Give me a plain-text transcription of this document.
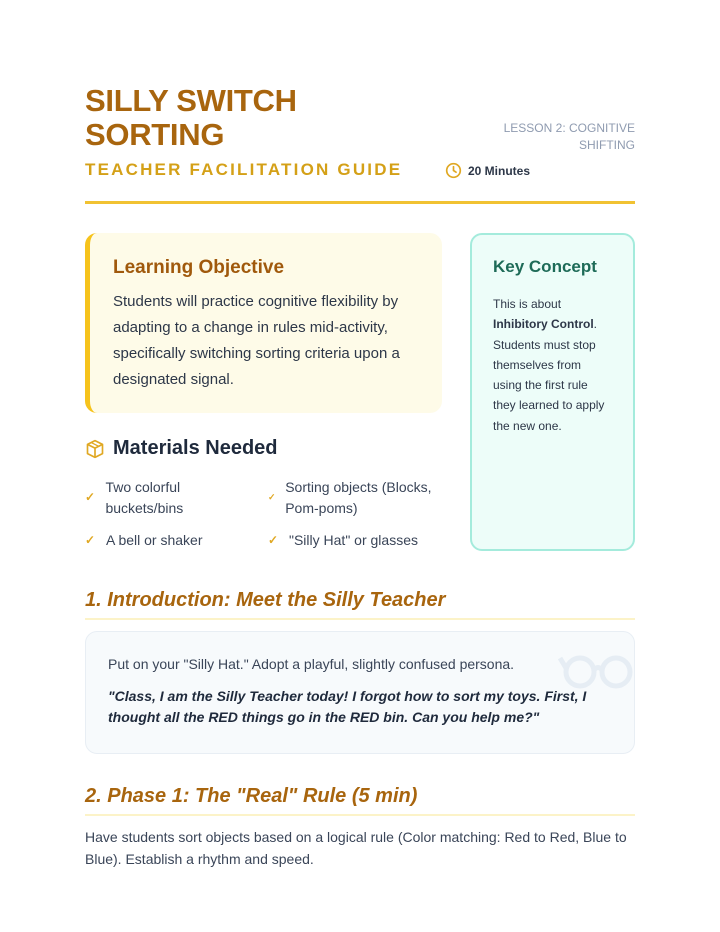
SILLY SWITCH SORTING
TEACHER FACILITATION GUIDE
LESSON 2: COGNITIVE SHIFTING
20 Minutes
Learning Objective
Students will practice cognitive flexibility by adapting to a change in rules mid-activity, specifically switching sorting criteria upon a designated signal.
Key Concept
This is about Inhibitory Control. Students must stop themselves from using the first rule they learned to apply the new one.
Materials Needed
✓
Two colorful buckets/bins
✓
Sorting objects (Blocks, Pom-poms)
✓ A bell or shaker	✓ "Silly Hat" or glasses
1. Introduction: Meet the Silly Teacher
Put on your "Silly Hat." Adopt a playful, slightly confused persona.
"Class, I am the Silly Teacher today! I forgot how to sort my toys. First, I thought all the RED things go in the RED bin. Can you help me?"
2. Phase 1: The "Real" Rule (5 min)
Have students sort objects based on a logical rule (Color matching: Red to Red, Blue to Blue). Establish a rhythm and speed.
